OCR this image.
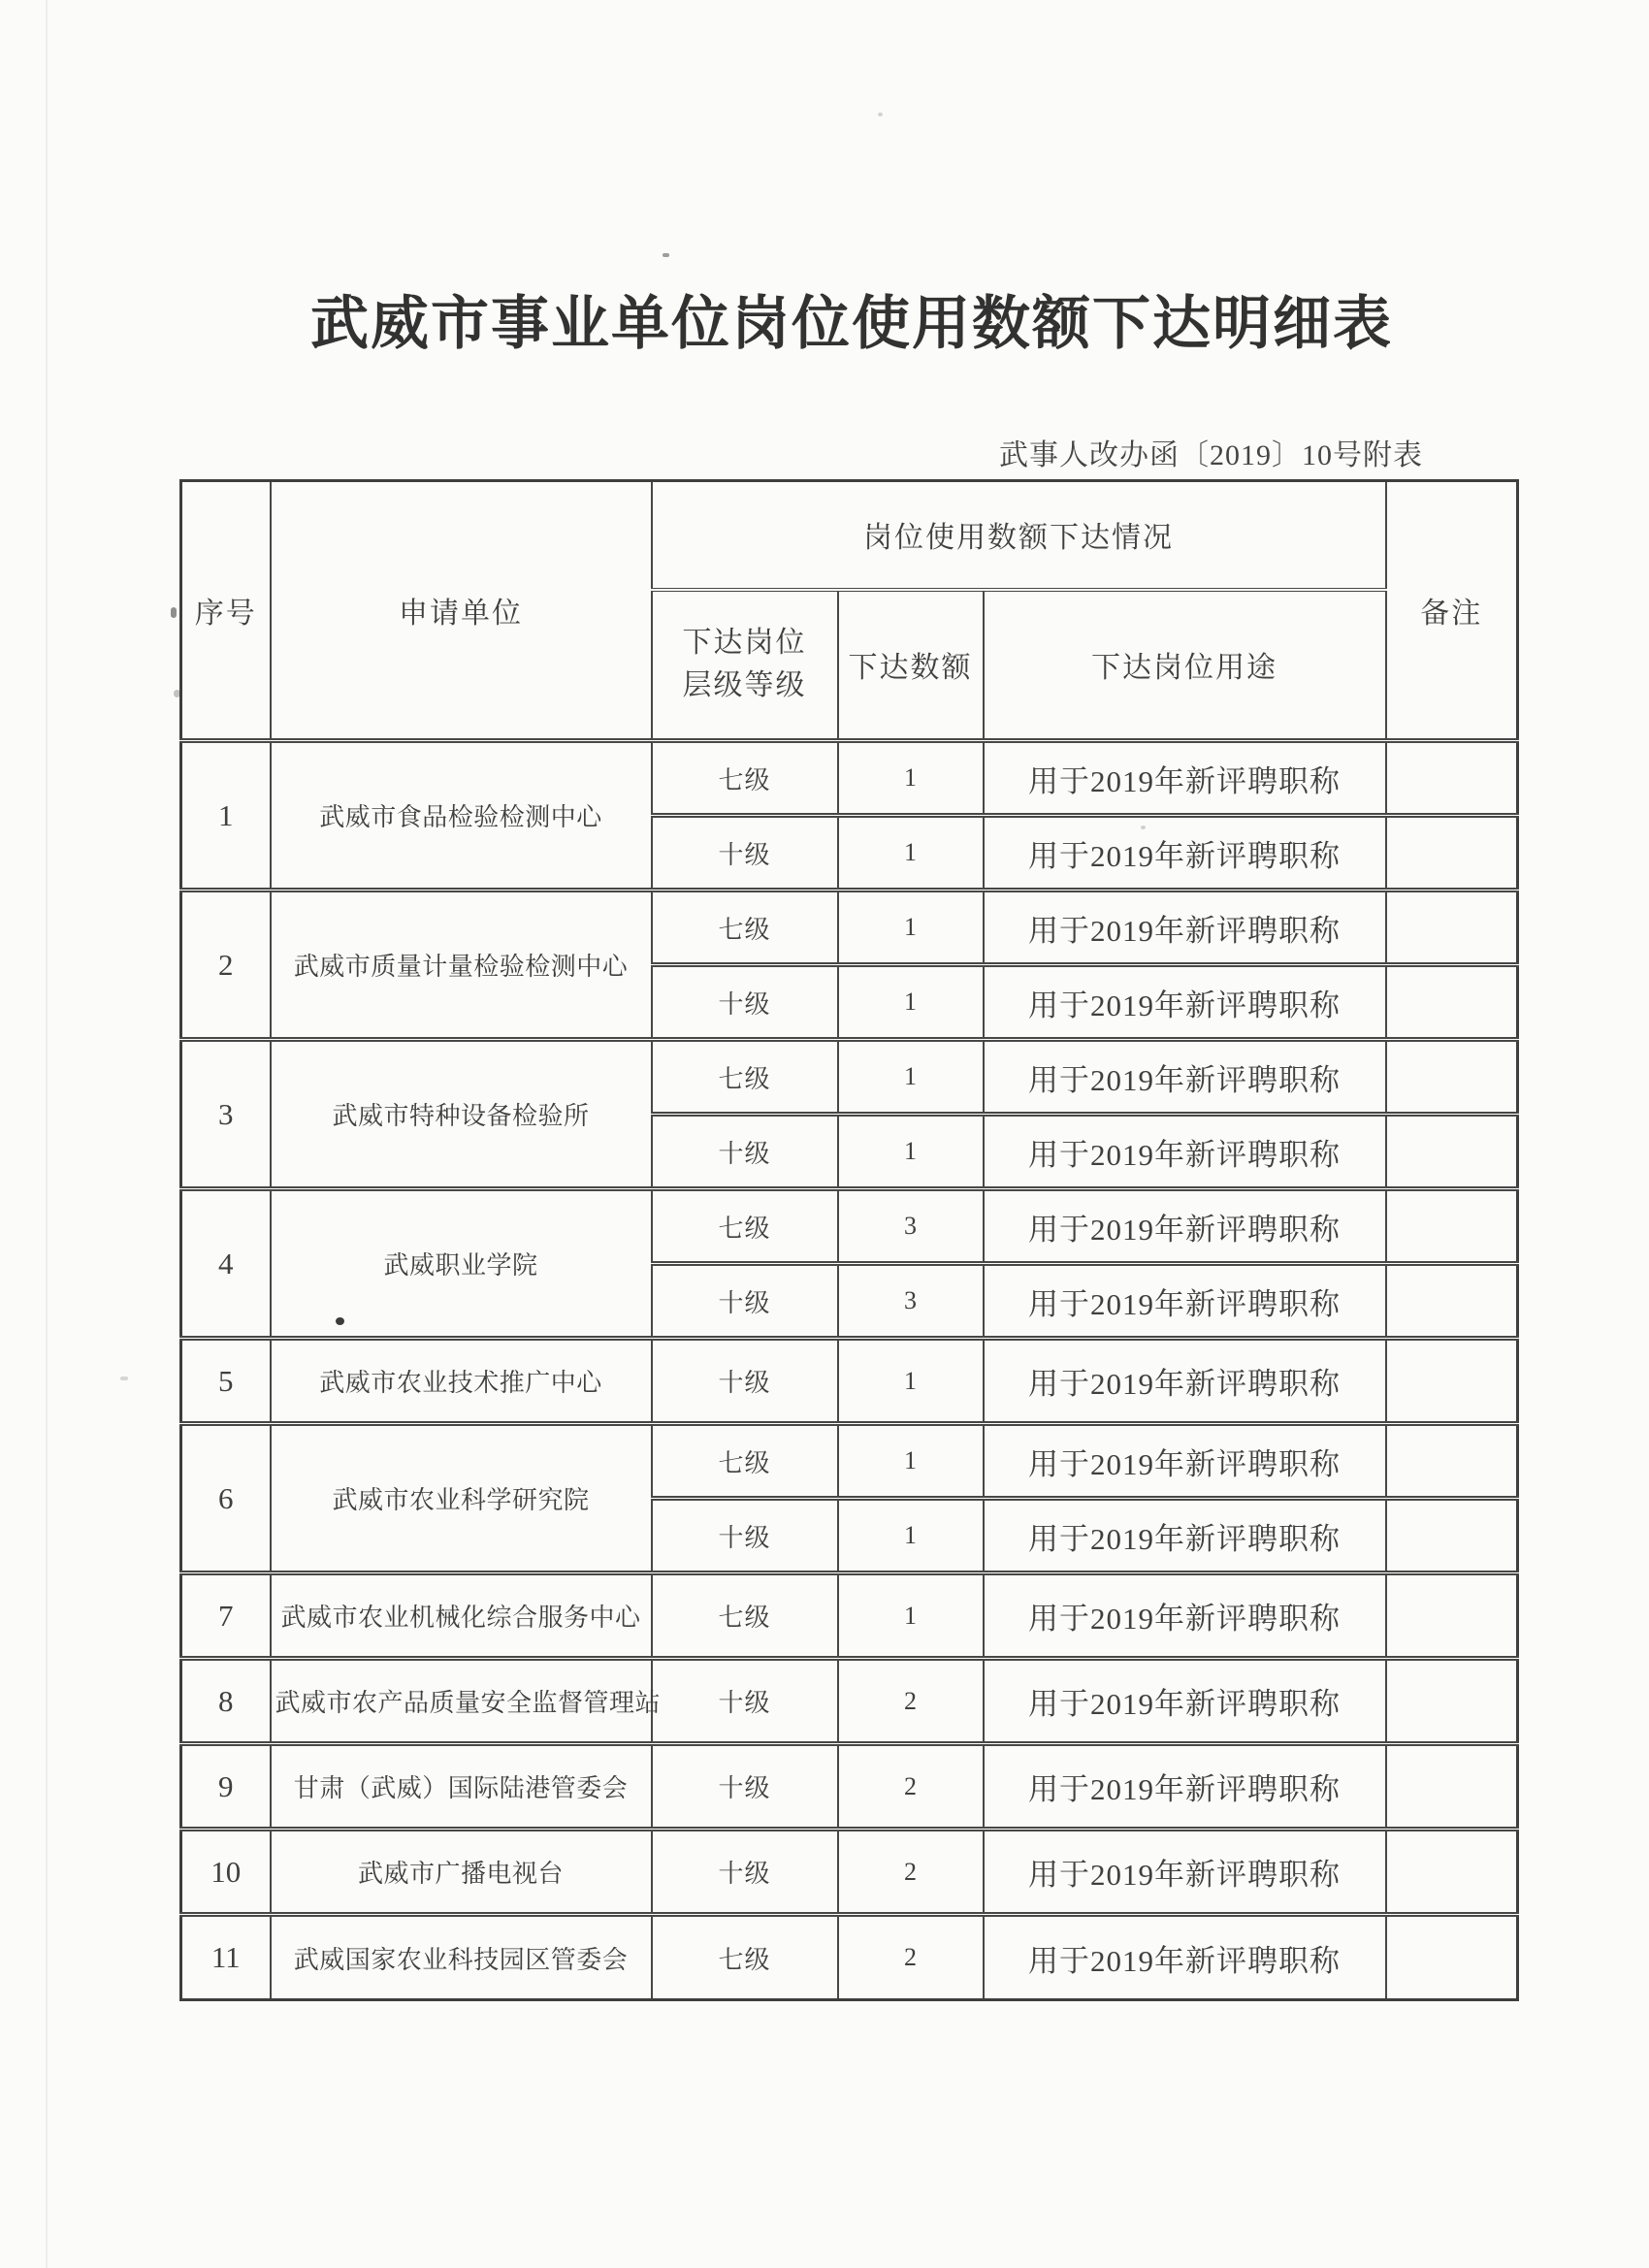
武威市事业单位岗位使用数额下达明细表
武事人改办函〔2019〕10号附表
序号	申请单位	岗位使用数额下达情况			备注
		下达岗位层级等级	下达数额	下达岗位用途	
1	武威市食品检验检测中心	七级	1	用于2019年新评聘职称	
		十级	1	用于2019年新评聘职称	
2	武威市质量计量检验检测中心	七级	1	用于2019年新评聘职称	
		十级	1	用于2019年新评聘职称	
3	武威市特种设备检验所	七级	1	用于2019年新评聘职称	
		十级	1	用于2019年新评聘职称	
4	武威职业学院	七级	3	用于2019年新评聘职称	
		十级	3	用于2019年新评聘职称	
5	武威市农业技术推广中心	十级	1	用于2019年新评聘职称	
6	武威市农业科学研究院	七级	1	用于2019年新评聘职称	
		十级	1	用于2019年新评聘职称	
7	武威市农业机械化综合服务中心	七级	1	用于2019年新评聘职称	
8	武威市农产品质量安全监督管理站	十级	2	用于2019年新评聘职称	
9	甘肃（武威）国际陆港管委会	十级	2	用于2019年新评聘职称	
10	武威市广播电视台	十级	2	用于2019年新评聘职称	
11	武威国家农业科技园区管委会	七级	2	用于2019年新评聘职称	
